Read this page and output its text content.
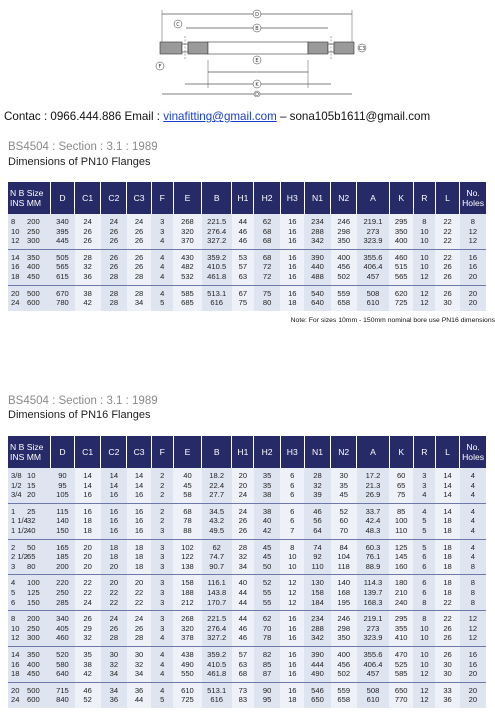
D
B
C
C3
E
F
K
D
Contac : 0966.444.886 Email : vinafitting@gmail.com – sona105b1611@gmail.com
BS4504 : Section : 3.1 : 1989
Dimensions of PN10 Flanges
N B Size
INS MM	D	C1	C2	C3	F	E	B	H1	H2	H3	N1	N2	A	K	R	L	No.
Holes
8 200	340	24	24	24	3	268	221.5	44	62	16	234	246	219.1	295	8	22	8
10 250	395	26	26	26	3	320	276.4	46	68	16	288	298	273	350	10	22	12
12 300	445	26	26	26	4	370	327.2	46	68	16	342	350	323.9	400	10	22	12
14 350	505	28	26	26	4	430	359.2	53	68	16	390	400	355.6	460	10	22	16
16 400	565	32	26	26	4	482	410.5	57	72	16	440	456	406.4	515	10	26	16
18 450	615	36	28	28	4	532	461.8	63	72	16	488	502	457	565	12	26	20
20 500	670	38	28	28	4	585	513.1	67	75	16	540	559	508	620	12	26	20
24 600	780	42	28	34	5	685	616	75	80	18	640	658	610	725	12	30	20
Note: For sizes 10mm - 150mm nominal bore use PN16 dimensions
BS4504 : Section : 3.1 : 1989
Dimensions of PN16 Flanges
N B Size
INS MM	D	C1	C2	C3	F	E	B	H1	H2	H3	N1	N2	A	K	R	L	No.
Holes
3/8 10	90	14	14	14	2	40	18.2	20	35	6	28	30	17.2	60	3	14	4
1/2 15	95	14	14	14	2	45	22.4	20	35	6	32	35	21.3	65	3	14	4
3/4 20	105	16	16	16	2	58	27.7	24	38	6	39	45	26.9	75	4	14	4
1 25	115	16	16	16	2	68	34.5	24	38	6	46	52	33.7	85	4	14	4
1 1/432	140	18	16	16	2	78	43.2	26	40	6	56	60	42.4	100	5	18	4
1 1/240	150	18	16	16	3	88	49.5	26	42	7	64	70	48.3	110	5	18	4
2 50	165	20	18	18	3	102	62	28	45	8	74	84	60.3	125	5	18	4
2 1/265	185	20	18	18	3	122	74.7	32	45	10	92	104	76.1	145	6	18	4
3 80	200	20	20	18	3	138	90.7	34	50	10	110	118	88.9	160	6	18	8
4 100	220	22	20	20	3	158	116.1	40	52	12	130	140	114.3	180	6	18	8
5 125	250	22	22	22	3	188	143.8	44	55	12	158	168	139.7	210	6	18	8
6 150	285	24	22	22	3	212	170.7	44	55	12	184	195	168.3	240	8	22	8
8 200	340	26	24	24	3	268	221.5	44	62	16	234	246	219.1	295	8	22	12
10 250	405	29	26	26	3	320	276.4	46	70	16	288	298	273	355	10	26	12
12 300	460	32	28	28	4	378	327.2	46	78	16	342	350	323.9	410	10	26	12
14 350	520	35	30	30	4	438	359.2	57	82	16	390	400	355.6	470	10	26	16
16 400	580	38	32	32	4	490	410.5	63	85	16	444	456	406.4	525	10	30	16
18 450	640	42	34	34	4	550	461.8	68	87	16	490	502	457	585	12	30	20
20 500	715	46	34	36	4	610	513.1	73	90	16	546	559	508	650	12	33	20
24 600	840	52	36	44	5	725	616	83	95	18	650	658	610	770	12	36	20
